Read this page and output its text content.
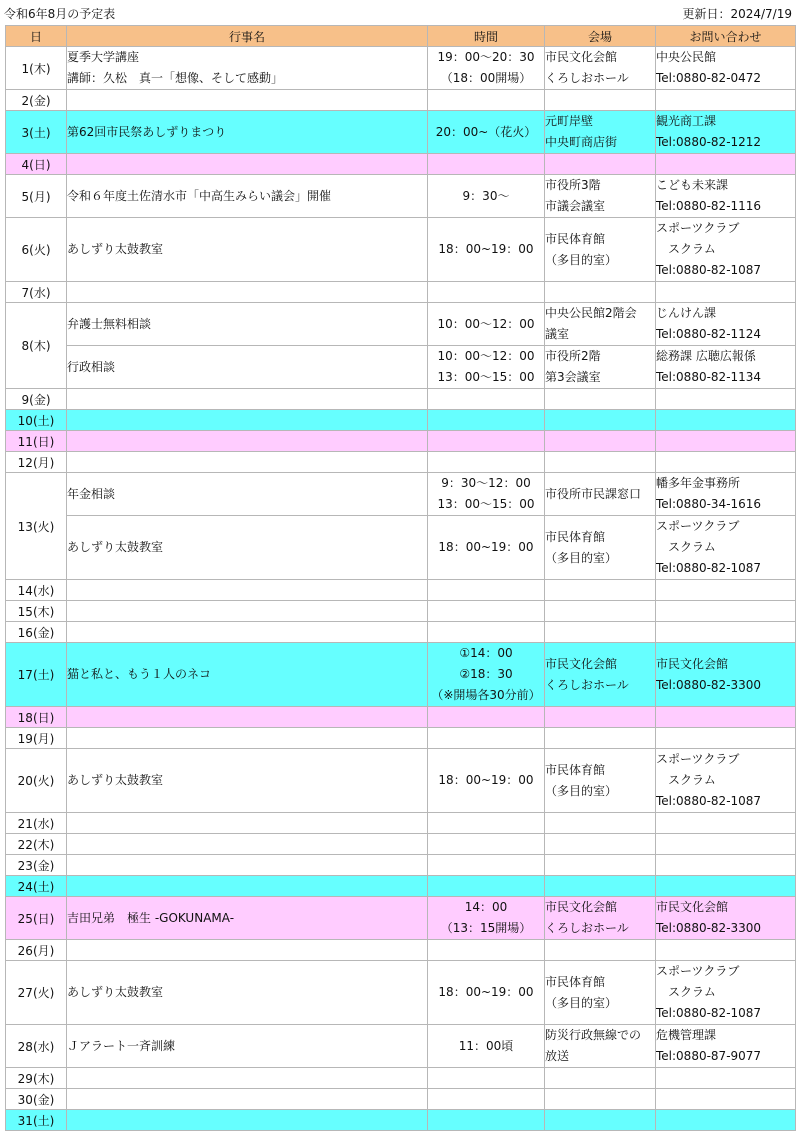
令和6年8月の予定表	更新日：2024/7/19
日	行事名	時間	会場	お問い合わせ
1(木)	夏季大学講座
講師：久松　真一「想像、そして感動」	19：00～20：30
（18：00開場）	市民文化会館
くろしおホール	中央公民館
Tel:0880-82-0472

2(金)				
3(土)	第62回市民祭あしずりまつり	20：00~（花火）	元町岸壁
中央町商店街	観光商工課
Tel:0880-82-1212

4(日)				
5(月)	令和６年度土佐清水市「中高生みらい議会」開催	9：30～	市役所3階
市議会議室	こども未来課
Tel:0880-82-1116

6(火)	あしずり太鼓教室	18：00~19：00	市民体育館
（多目的室）	スポーツクラブ
　スクラム
Tel:0880-82-1087

7(水)				
8(木)	弁護士無料相談	10：00～12：00	中央公民館2階会
議室	じんけん課
Tel:0880-82-1124

	行政相談	10：00～12：00
13：00～15：00	市役所2階
第3会議室	総務課 広聴広報係
Tel:0880-82-1134

9(金)				
10(土)				
11(日)				
12(月)				
13(火)	年金相談	9：30～12：00
13：00～15：00	市役所市民課窓口	幡多年金事務所
Tel:0880-34-1616

	あしずり太鼓教室	18：00~19：00	市民体育館
（多目的室）	スポーツクラブ
　スクラム
Tel:0880-82-1087

14(水)				
15(木)				
16(金)				
17(土)	猫と私と、もう１人のネコ	①14：00
②18：30
（※開場各30分前）	市民文化会館
くろしおホール	市民文化会館
Tel:0880-82-3300

18(日)				
19(月)				
20(火)	あしずり太鼓教室	18：00~19：00	市民体育館
（多目的室）	スポーツクラブ
　スクラム
Tel:0880-82-1087

21(水)				
22(木)				
23(金)				
24(土)				
25(日)	吉田兄弟　極生 -GOKUNAMA-	14：00
（13：15開場）	市民文化会館
くろしおホール	市民文化会館
Tel:0880-82-3300

26(月)				
27(火)	あしずり太鼓教室	18：00~19：00	市民体育館
（多目的室）	スポーツクラブ
　スクラム
Tel:0880-82-1087

28(水)	Ｊアラート一斉訓練	11：00頃	防災行政無線での
放送	危機管理課
Tel:0880-87-9077

29(木)				
30(金)				
31(土)				
